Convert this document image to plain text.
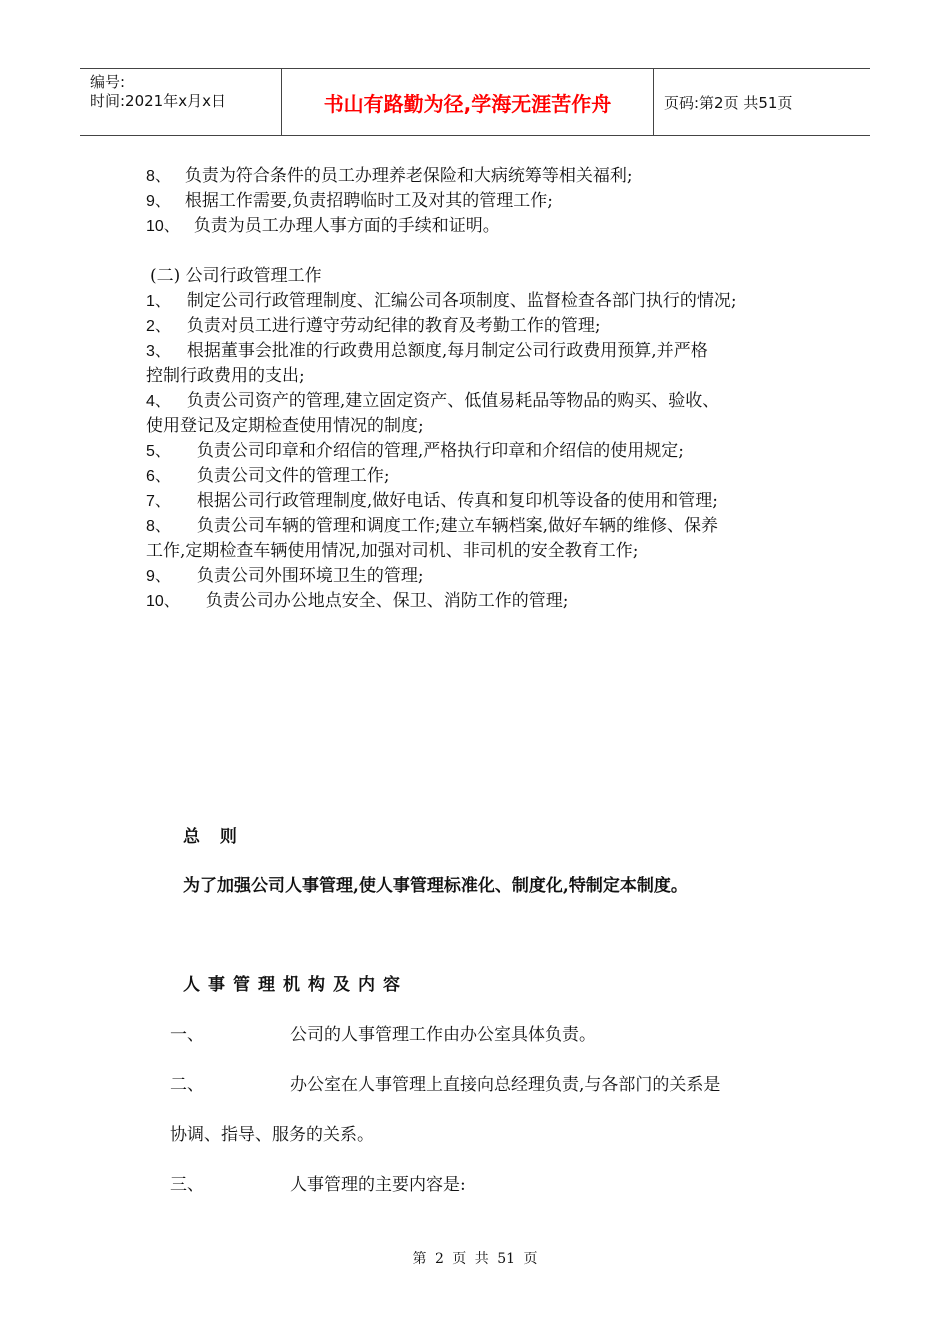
编号:
时间:2021年x月x日	书山有路勤为径,学海无涯苦作舟	页码:第2页 共51页
8、 负责为符合条件的员工办理养老保险和大病统筹等相关福利;
9、 根据工作需要,负责招聘临时工及对其的管理工作;
10、 负责为员工办理人事方面的手续和证明。
(二) 公司行政管理工作
1、 制定公司行政管理制度、汇编公司各项制度、监督检查各部门执行的情况;
2、 负责对员工进行遵守劳动纪律的教育及考勤工作的管理;
3、 根据董事会批准的行政费用总额度,每月制定公司行政费用预算,并严格
控制行政费用的支出;
4、 负责公司资产的管理,建立固定资产、低值易耗品等物品的购买、验收、
使用登记及定期检查使用情况的制度;
5、 负责公司印章和介绍信的管理,严格执行印章和介绍信的使用规定;
6、 负责公司文件的管理工作;
7、 根据公司行政管理制度,做好电话、传真和复印机等设备的使用和管理;
8、 负责公司车辆的管理和调度工作;建立车辆档案,做好车辆的维修、保养
工作,定期检查车辆使用情况,加强对司机、非司机的安全教育工作;
9、 负责公司外围环境卫生的管理;
10、 负责公司办公地点安全、保卫、消防工作的管理;
总 则
为了加强公司人事管理,使人事管理标准化、制度化,特制定本制度。
人事管理机构及内容
一、	公司的人事管理工作由办公室具体负责。
二、	办公室在人事管理上直接向总经理负责,与各部门的关系是
协调、指导、服务的关系。
三、	人事管理的主要内容是:
第 2 页 共 51 页
